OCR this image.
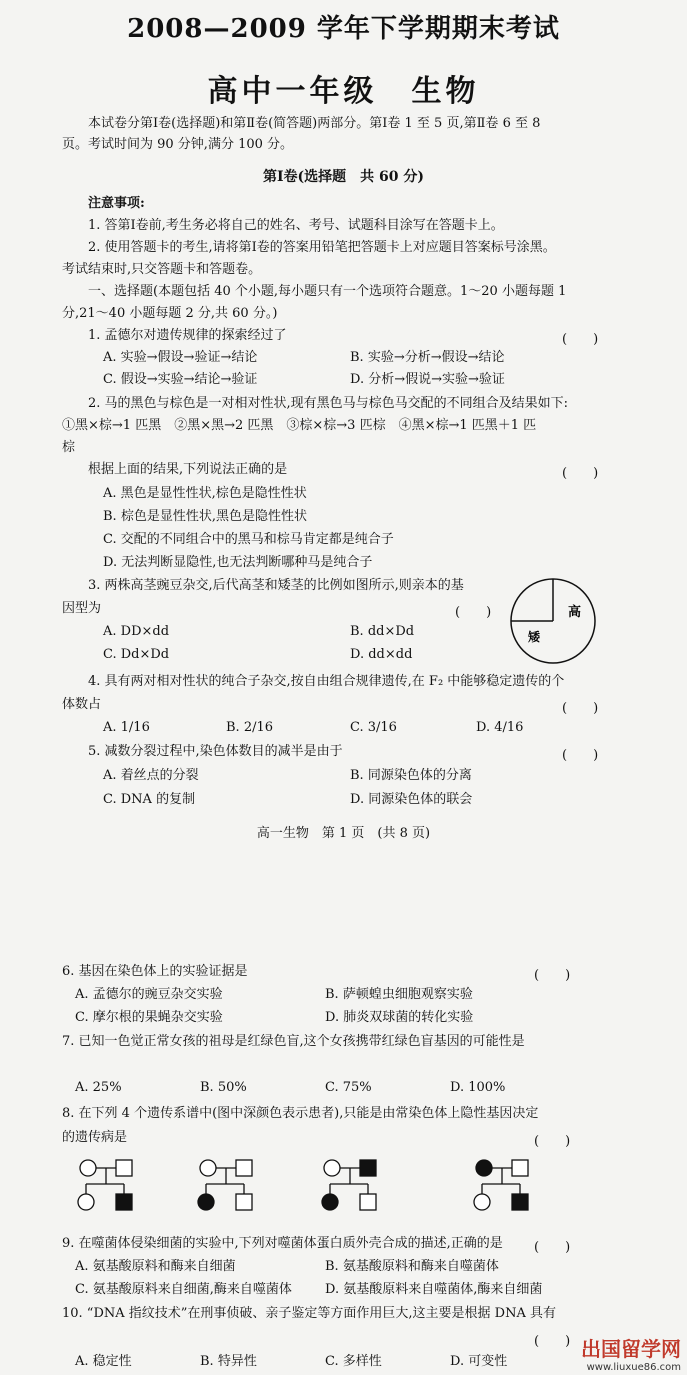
2008—2009 学年下学期期末考试
高中一年级　生物
本试卷分第Ⅰ卷(选择题)和第Ⅱ卷(简答题)两部分。第Ⅰ卷 1 至 5 页,第Ⅱ卷 6 至 8
页。考试时间为 90 分钟,满分 100 分。
第Ⅰ卷(选择题　共 60 分)
注意事项:
1. 答第Ⅰ卷前,考生务必将自己的姓名、考号、试题科目涂写在答题卡上。
2. 使用答题卡的考生,请将第Ⅰ卷的答案用铅笔把答题卡上对应题目答案标号涂黑。
考试结束时,只交答题卡和答题卷。
一、选择题(本题包括 40 个小题,每小题只有一个选项符合题意。1～20 小题每题 1
分,21～40 小题每题 2 分,共 60 分。)
1. 孟德尔对遗传规律的探索经过了	(　　)
A. 实验→假设→验证→结论	B. 实验→分析→假设→结论
C. 假设→实验→结论→验证	D. 分析→假说→实验→验证
2. 马的黑色与棕色是一对相对性状,现有黑色马与棕色马交配的不同组合及结果如下:
①黑×棕→1 匹黑　②黑×黑→2 匹黑　③棕×棕→3 匹棕　④黑×棕→1 匹黑＋1 匹
棕
根据上面的结果,下列说法正确的是	(　　)
A. 黑色是显性性状,棕色是隐性性状
B. 棕色是显性性状,黑色是隐性性状
C. 交配的不同组合中的黑马和棕马肯定都是纯合子
D. 无法判断显隐性,也无法判断哪种马是纯合子
3. 两株高茎豌豆杂交,后代高茎和矮茎的比例如图所示,则亲本的基
因型为	(　　)
A. DD×dd	B. dd×Dd
C. Dd×Dd	D. dd×dd
高
矮
4. 具有两对相对性状的纯合子杂交,按自由组合规律遗传,在 F₂ 中能够稳定遗传的个
体数占	(　　)
A. 1/16	B. 2/16	C. 3/16	D. 4/16
5. 减数分裂过程中,染色体数目的减半是由于	(　　)
A. 着丝点的分裂	B. 同源染色体的分离
C. DNA 的复制	D. 同源染色体的联会
高一生物　第 1 页　(共 8 页)
6. 基因在染色体上的实验证据是	(　　)
A. 孟德尔的豌豆杂交实验	B. 萨顿蝗虫细胞观察实验
C. 摩尔根的果蝇杂交实验	D. 肺炎双球菌的转化实验
7. 已知一色觉正常女孩的祖母是红绿色盲,这个女孩携带红绿色盲基因的可能性是
A. 25%	B. 50%	C. 75%	D. 100%
8. 在下列 4 个遗传系谱中(图中深颜色表示患者),只能是由常染色体上隐性基因决定
的遗传病是	(　　)
9. 在噬菌体侵染细菌的实验中,下列对噬菌体蛋白质外壳合成的描述,正确的是 (　　)
A. 氨基酸原料和酶来自细菌	B. 氨基酸原料和酶来自噬菌体
C. 氨基酸原料来自细菌,酶来自噬菌体	D. 氨基酸原料来自噬菌体,酶来自细菌
10. “DNA 指纹技术”在刑事侦破、亲子鉴定等方面作用巨大,这主要是根据 DNA 具有
(　　)
A. 稳定性	B. 特异性	C. 多样性	D. 可变性
出国留学网
www.liuxue86.com
